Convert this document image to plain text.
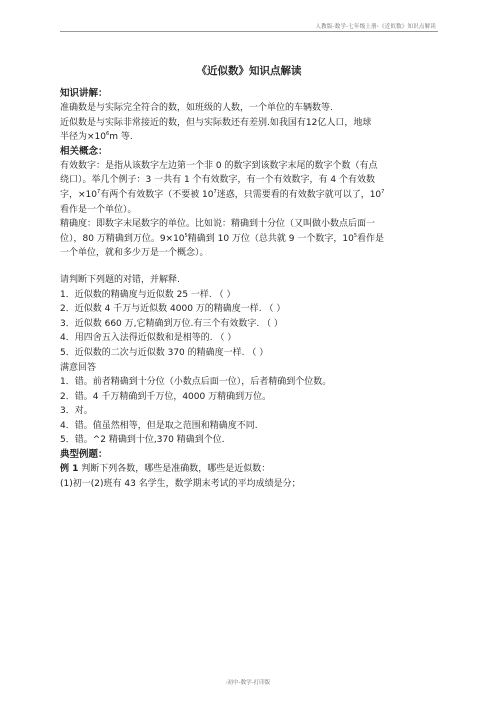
人教版-数学-七年级上册-《近似数》知识点解读

《近似数》知识点解读

知识讲解：

准确数是与实际完全符合的数，如班级的人数，一个单位的车辆数等.

近似数是与实际非常接近的数，但与实际数还有差别.如我国有12亿人口，地球

半径为$\times 10^6m$ 等.

相关概念：

有效数字：是指从该数字左边第一个非 0 的数字到该数字末尾的数字个数（有点

绕口）。举几个例子：3 一共有 1 个有效数字，有一个有效数字，有 4 个有效数

字，$\times 10^7$有两个有效数字（不要被 $10^7$迷惑，只需要看的有效数字就可以了，$10^7$

看作是一个单位）。

精确度：即数字末尾数字的单位。比如说：精确到十分位（又叫做小数点后面一

位），80 万精确到万位。$9\times 10^5$精确到 10 万位（总共就 9 一个数字，$10^5$看作是

一个单位，就和多少万是一个概念）。

请判断下列题的对错，并解释.

1．近似数的精确度与近似数 25 一样. （ ）

2．近似数 4 千万与近似数 4000 万的精确度一样. （ ）

3．近似数 660 万,它精确到万位.有三个有效数字. （ ）

4．用四舍五入法得近似数和是相等的. （ ）

5．近似数的二次与近似数 370 的精确度一样. （ ）

满意回答

1．错。前者精确到十分位（小数点后面一位），后者精确到个位数。

2．错。4 千万精确到千万位，4000 万精确到万位。

3．对。

4．错。值虽然相等，但是取之范围和精确度不同.

5．错。^2 精确到十位,370 精确到个位.

典型例题：

例 1 判断下列各数，哪些是准确数，哪些是近似数：

(1)初一(2)班有 43 名学生，数学期末考试的平均成绩是分；

:初中-数学-打印版
